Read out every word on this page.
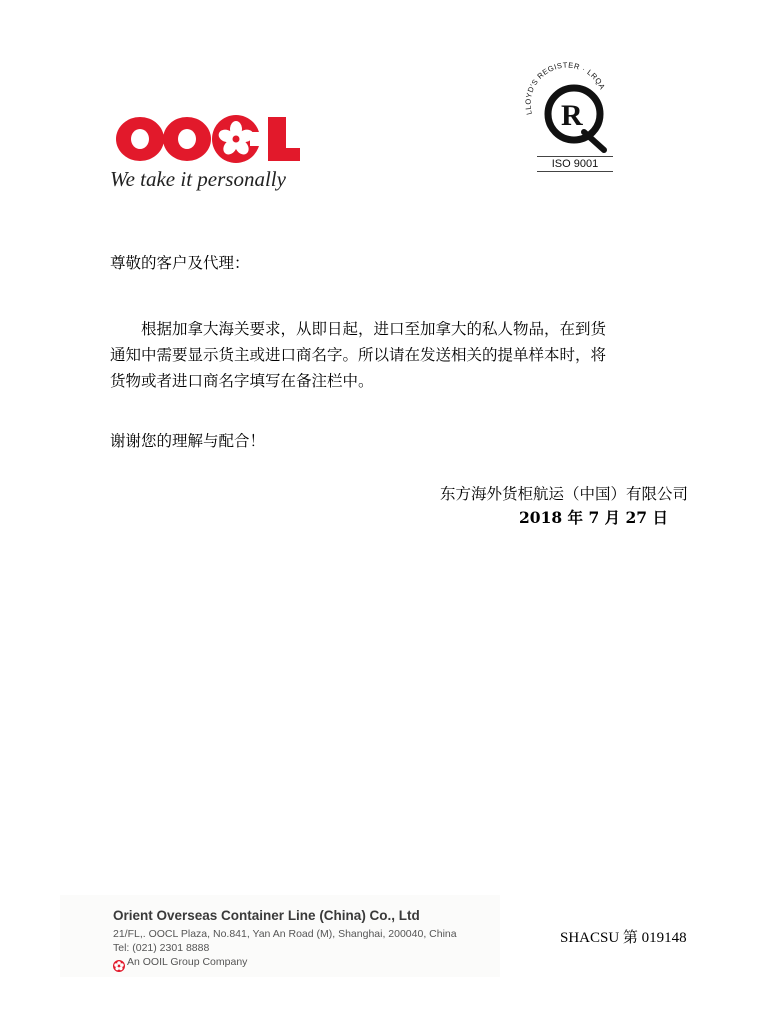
We take it personally
LLOYD'S REGISTER · LRQA
R
ISO 9001
尊敬的客户及代理：
根据加拿大海关要求，从即日起，进口至加拿大的私人物品，在到货
通知中需要显示货主或进口商名字。所以请在发送相关的提单样本时，将
货物或者进口商名字填写在备注栏中。
谢谢您的理解与配合！
东方海外货柜航运（中国）有限公司
2018 年 7 月 27 日
Orient Overseas Container Line (China) Co., Ltd
21/FL,. OOCL Plaza, No.841, Yan An Road (M), Shanghai, 200040, China
Tel: (021) 2301 8888
An OOIL Group Company
SHACSU 第 019148
